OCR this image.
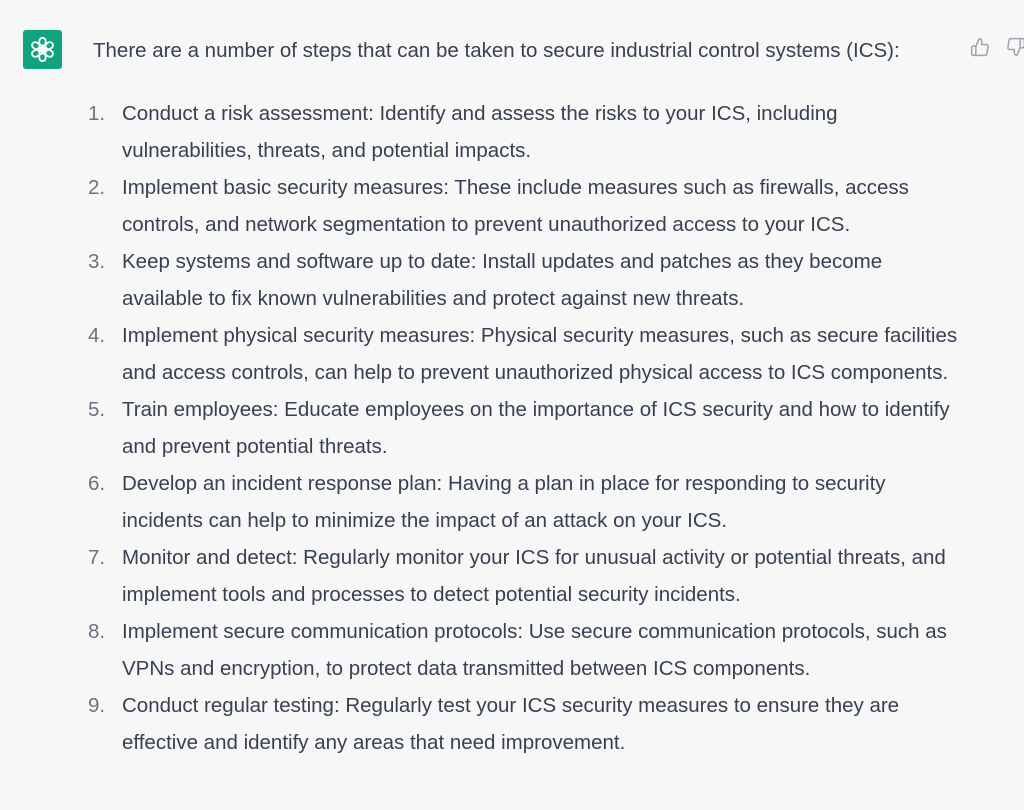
There are a number of steps that can be taken to secure industrial control systems (ICS):

1. Conduct a risk assessment: Identify and assess the risks to your ICS, including vulnerabilities, threats, and potential impacts.
2. Implement basic security measures: These include measures such as firewalls, access controls, and network segmentation to prevent unauthorized access to your ICS.
3. Keep systems and software up to date: Install updates and patches as they become available to fix known vulnerabilities and protect against new threats.
4. Implement physical security measures: Physical security measures, such as secure facilities and access controls, can help to prevent unauthorized physical access to ICS components.
5. Train employees: Educate employees on the importance of ICS security and how to identify and prevent potential threats.
6. Develop an incident response plan: Having a plan in place for responding to security incidents can help to minimize the impact of an attack on your ICS.
7. Monitor and detect: Regularly monitor your ICS for unusual activity or potential threats, and implement tools and processes to detect potential security incidents.
8. Implement secure communication protocols: Use secure communication protocols, such as VPNs and encryption, to protect data transmitted between ICS components.
9. Conduct regular testing: Regularly test your ICS security measures to ensure they are effective and identify any areas that need improvement.
